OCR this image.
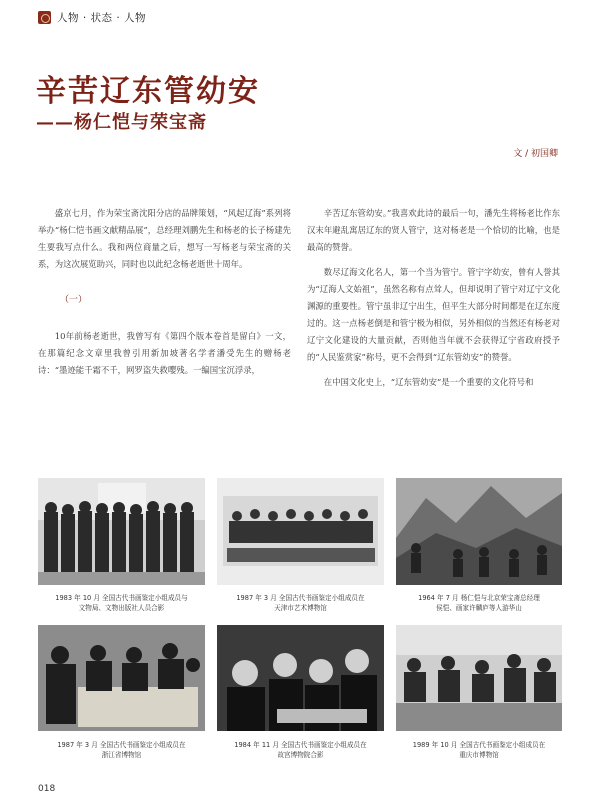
人物 · 状态 · 人物
辛苦辽东管幼安
——杨仁恺与荣宝斋
文 / 初国卿

盛京七月，作为荣宝斋沈阳分店的品牌策划，“风起辽海”系列将举办“杨仁恺书画文献精品展”，总经理刘鹏先生和杨老的长子杨建先生要我写点什么。我和两位商量之后，想写一写杨老与荣宝斋的关系，为这次展览助兴，同时也以此纪念杨老逝世十周年。

（一）

10年前杨老逝世，我曾写有《第四个版本卷首是留白》一文，在那篇纪念文章里我曾引用新加坡著名学者潘受先生的赠杨老诗：“墨迹能千霜不千，网罗盗失救嘤残。一编国宝沉浮录，

辛苦辽东管幼安。”我喜欢此诗的最后一句，潘先生将杨老比作东汉末年避乱寓居辽东的贤人管宁，这对杨老是一个恰切的比喻，也是最高的赞誉。

数尽辽海文化名人，第一个当为管宁。管宁字幼安，曾有人誉其为“辽海人文始祖”，虽然名称有点耸人，但却说明了管宁对辽宁文化渊源的重要性。管宁虽非辽宁出生，但平生大部分时间都是在辽东度过的。这一点杨老倒是和管宁极为相似，另外相似的当然还有杨老对辽宁文化建设的大量贡献，否则他当年就不会获得辽宁省政府授予的“人民鉴赏家”称号，更不会得到“辽东管幼安”的赞誉。

在中国文化史上，“辽东管幼安”是一个重要的文化符号和

1983 年 10 月 全国古代书画鉴定小组成员与
文物局、文物出版社人员合影
1987 年 3 月 全国古代书画鉴定小组成员在
天津市艺术博物馆
1964 年 7 月 杨仁恺与北京荣宝斋总经理
侯恺、画家许麟庐等人游华山
1987 年 3 月 全国古代书画鉴定小组成员在
浙江省博物馆
1984 年 11 月 全国古代书画鉴定小组成员在
故宫博物院合影
1989 年 10 月 全国古代书画鉴定小组成员在
重庆市博物馆
018
